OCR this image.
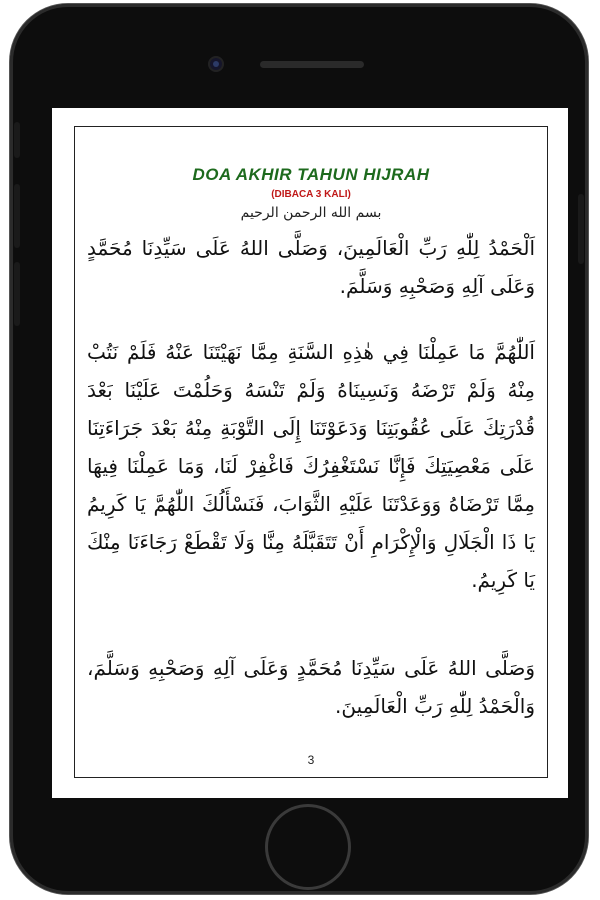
DOA AKHIR TAHUN HIJRAH
(DIBACA 3 KALI)
بسم الله الرحمن الرحيم
اَلْحَمْدُ لِلّٰهِ رَبِّ الْعَالَمِينَ، وَصَلَّى اللهُ عَلَى سَيِّدِنَا مُحَمَّدٍ وَعَلَى آلِهِ وَصَحْبِهِ وَسَلَّمَ.
اَللّٰهُمَّ مَا عَمِلْنَا فِي هٰذِهِ السَّنَةِ مِمَّا نَهَيْتَنَا عَنْهُ فَلَمْ نَتُبْ مِنْهُ وَلَمْ تَرْضَهُ وَنَسِينَاهُ وَلَمْ تَنْسَهُ وَحَلُمْتَ عَلَيْنَا بَعْدَ قُدْرَتِكَ عَلَى عُقُوبَتِنَا وَدَعَوْتَنَا إِلَى التَّوْبَةِ مِنْهُ بَعْدَ جَرَاءَتِنَا عَلَى مَعْصِيَتِكَ فَإِنَّا نَسْتَغْفِرُكَ فَاغْفِرْ لَنَا، وَمَا عَمِلْنَا فِيهَا مِمَّا تَرْضَاهُ وَوَعَدْتَنَا عَلَيْهِ الثَّوَابَ، فَنَسْأَلُكَ اللّٰهُمَّ يَا كَرِيمُ يَا ذَا الْجَلَالِ وَالْإِكْرَامِ أَنْ تَتَقَبَّلَهُ مِنَّا وَلَا تَقْطَعْ رَجَاءَنَا مِنْكَ يَا كَرِيمُ.
وَصَلَّى اللهُ عَلَى سَيِّدِنَا مُحَمَّدٍ وَعَلَى آلِهِ وَصَحْبِهِ وَسَلَّمَ، وَالْحَمْدُ لِلّٰهِ رَبِّ الْعَالَمِينَ.
3
